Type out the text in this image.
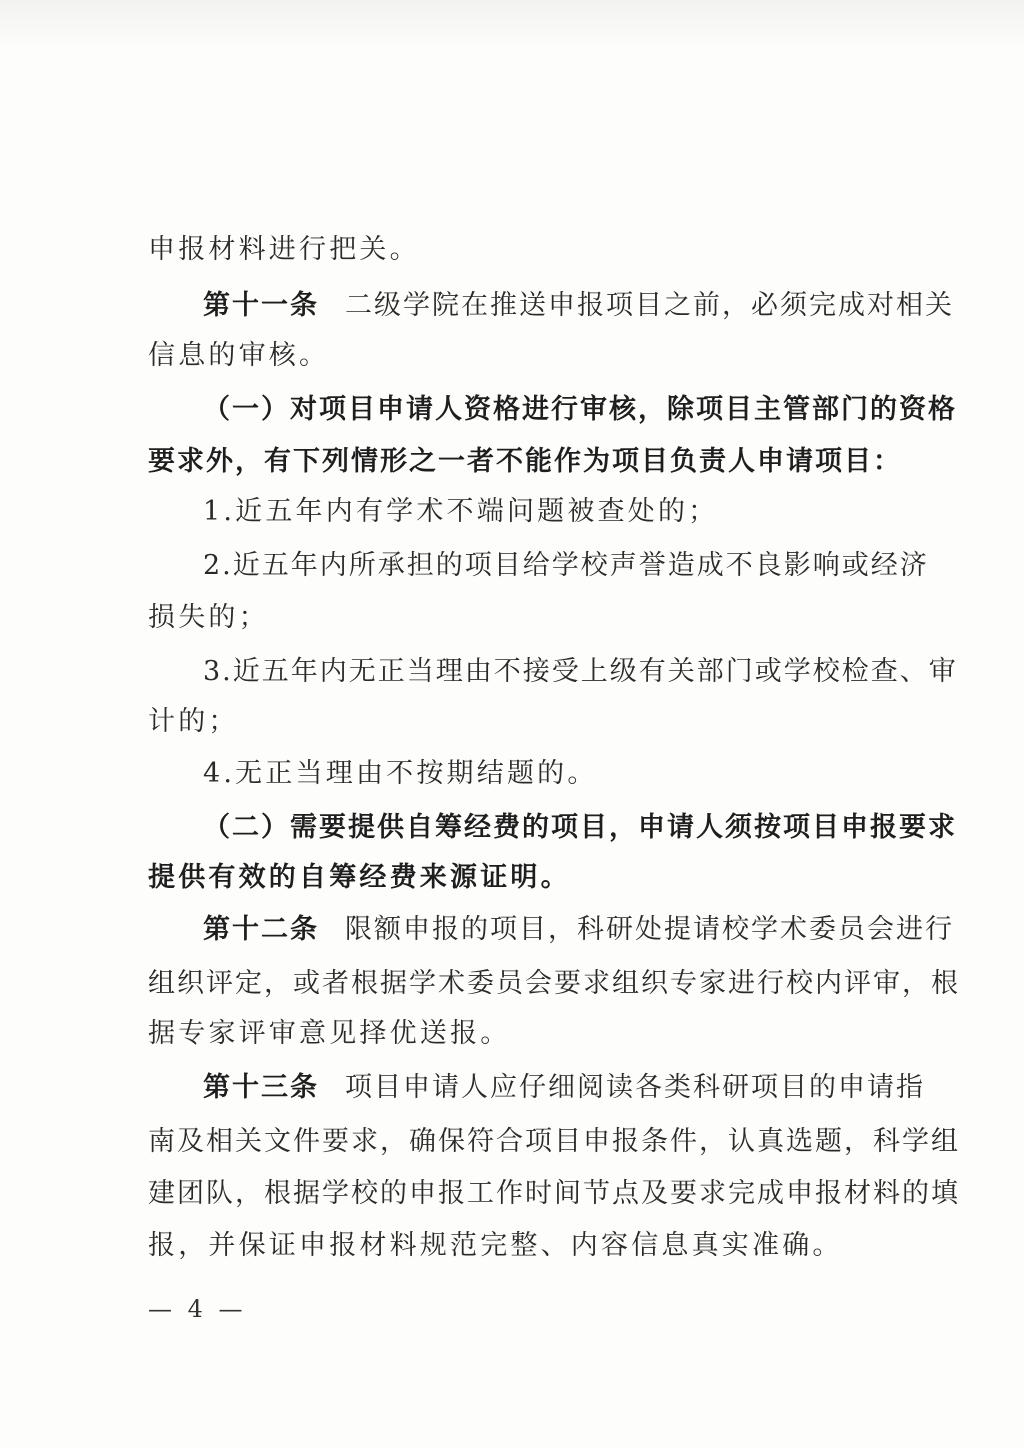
申报材料进行把关。
第十一条 二级学院在推送申报项目之前，必须完成对相关
信息的审核。
（一）对项目申请人资格进行审核，除项目主管部门的资格
要求外，有下列情形之一者不能作为项目负责人申请项目：
1.近五年内有学术不端问题被查处的；
2.近五年内所承担的项目给学校声誉造成不良影响或经济
损失的；
3.近五年内无正当理由不接受上级有关部门或学校检查、审
计的；
4.无正当理由不按期结题的。
（二）需要提供自筹经费的项目，申请人须按项目申报要求
提供有效的自筹经费来源证明。
第十二条 限额申报的项目，科研处提请校学术委员会进行
组织评定，或者根据学术委员会要求组织专家进行校内评审，根
据专家评审意见择优送报。
第十三条 项目申请人应仔细阅读各类科研项目的申请指
南及相关文件要求，确保符合项目申报条件，认真选题，科学组
建团队，根据学校的申报工作时间节点及要求完成申报材料的填
报，并保证申报材料规范完整、内容信息真实准确。
— 4 —
